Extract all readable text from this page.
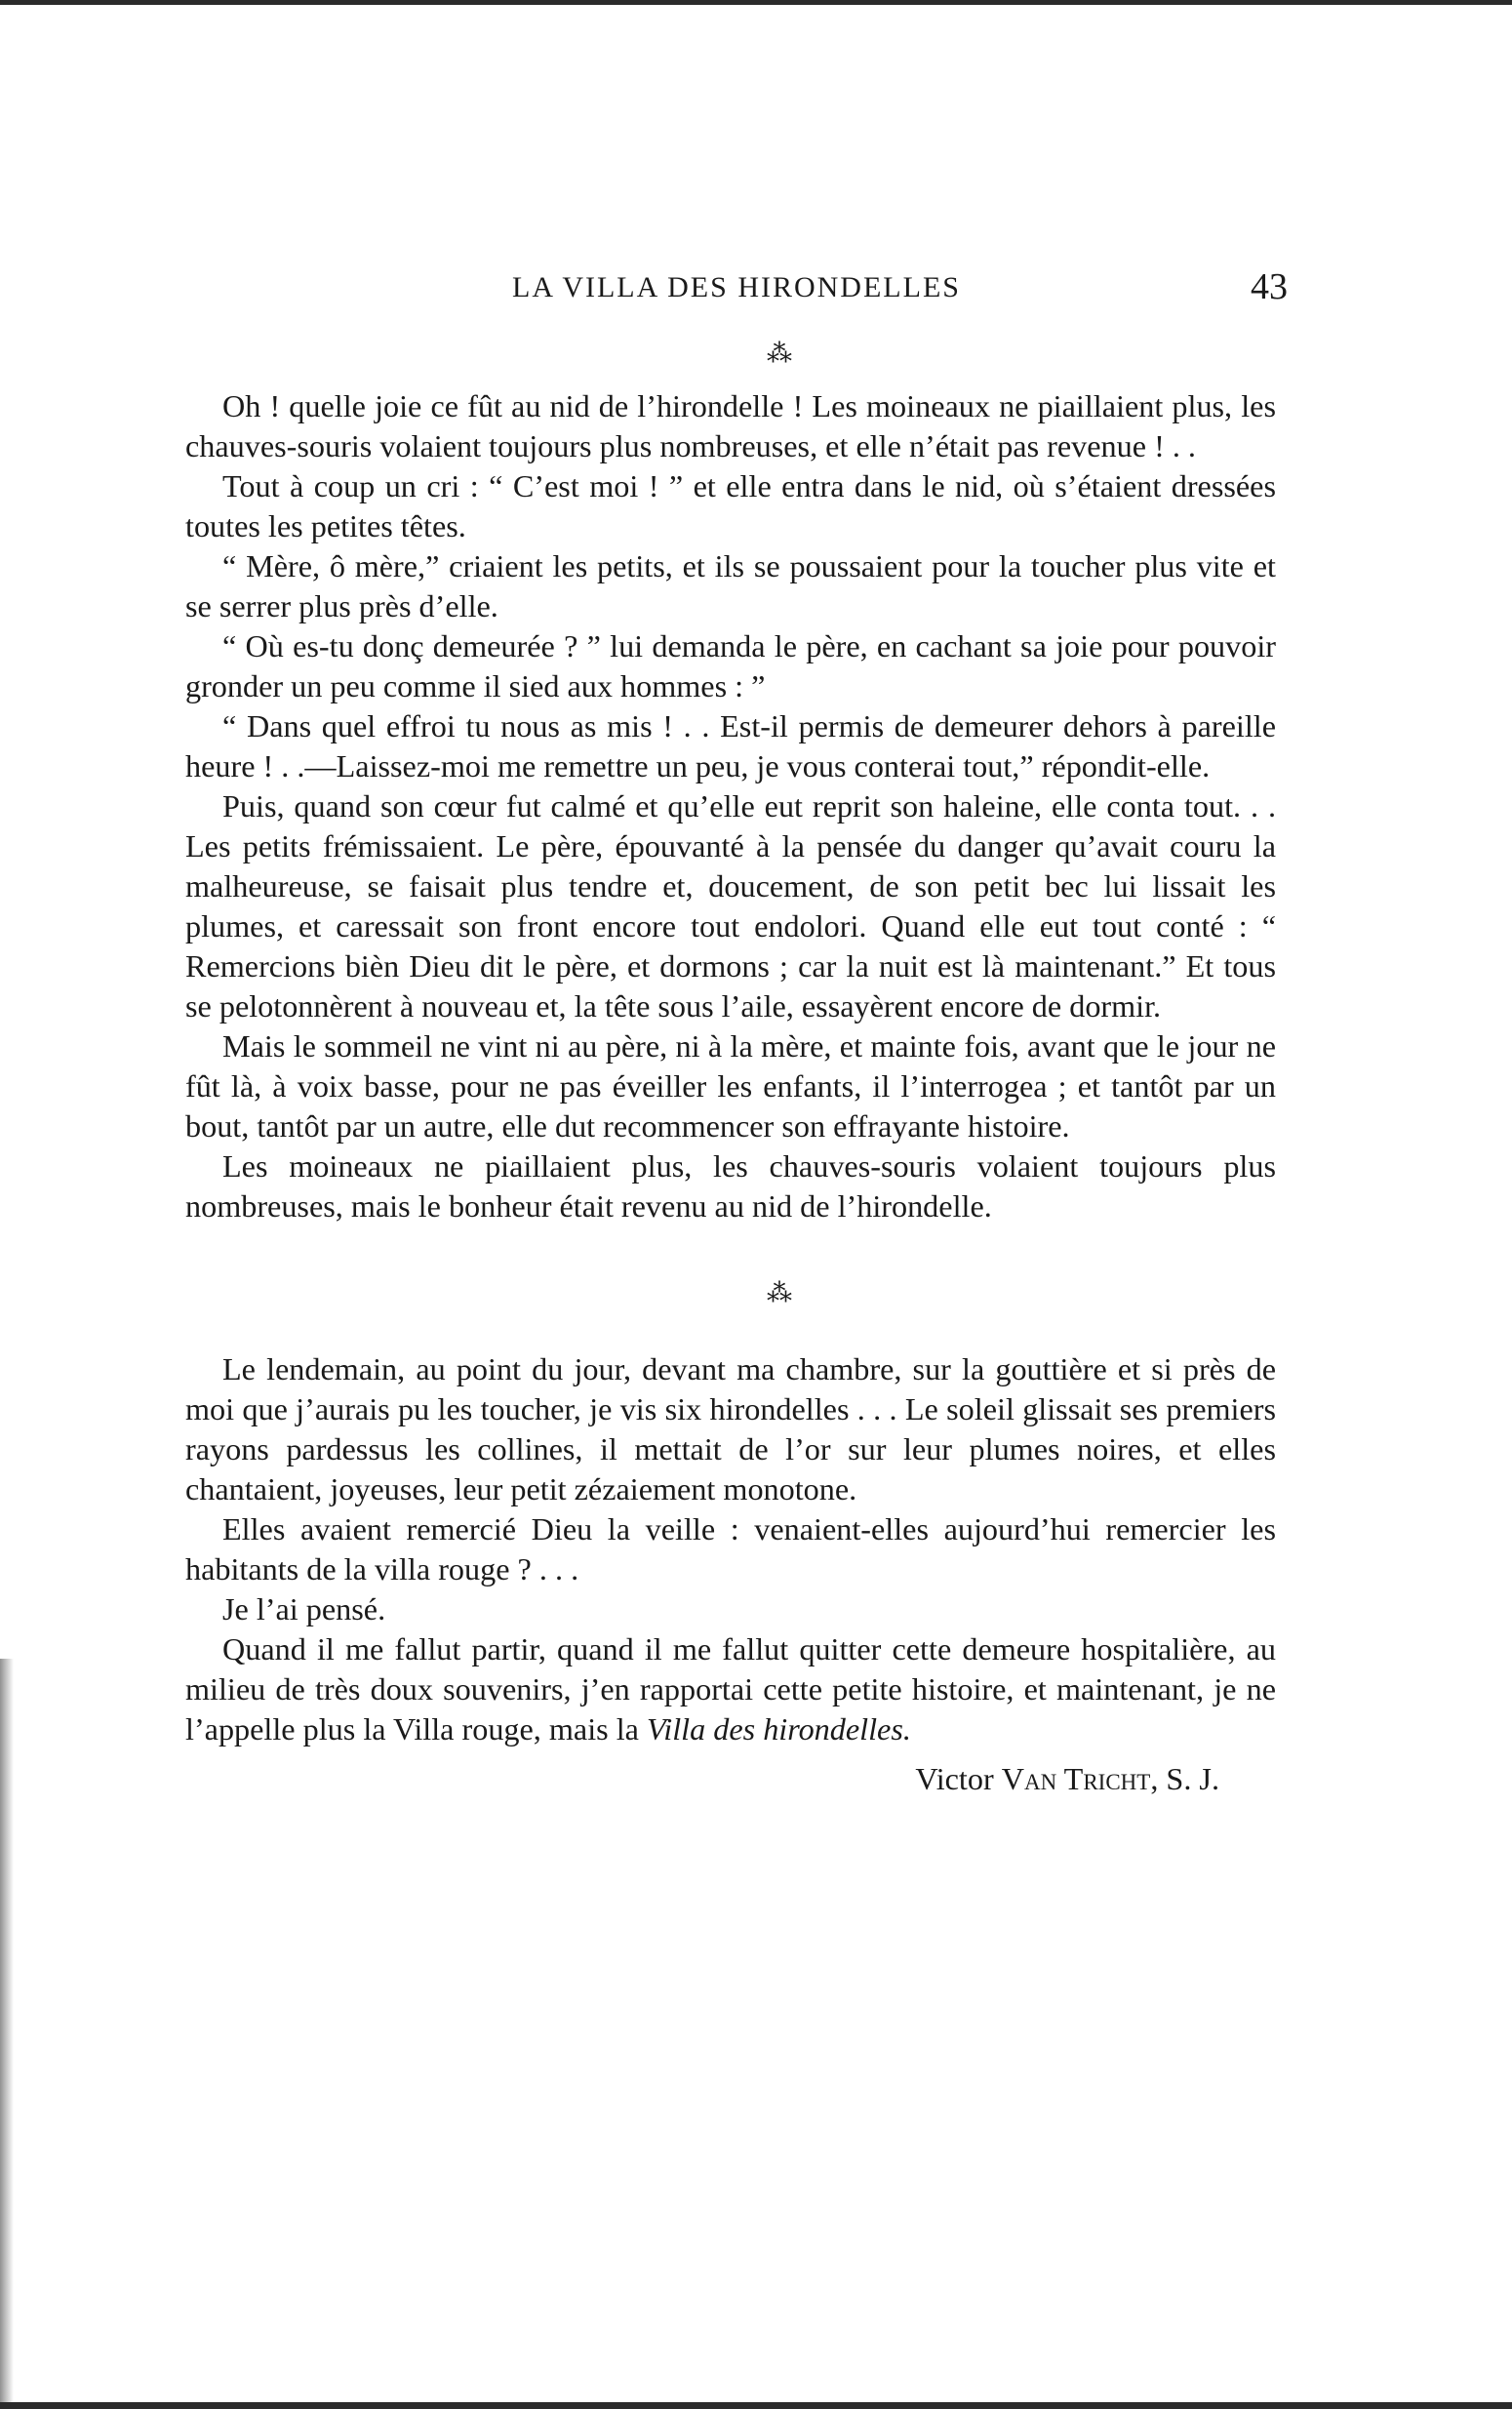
LA VILLA DES HIRONDELLES	43
⁂

Oh ! quelle joie ce fût au nid de l’hirondelle ! Les moineaux ne piaillaient plus, les chauves-souris volaient toujours plus nombreuses, et elle n’était pas revenue ! . .

Tout à coup un cri : “ C’est moi ! ” et elle entra dans le nid, où s’étaient dressées toutes les petites têtes.

“ Mère, ô mère,” criaient les petits, et ils se poussaient pour la toucher plus vite et se serrer plus près d’elle.

“ Où es-tu donç demeurée ? ” lui demanda le père, en cachant sa joie pour pouvoir gronder un peu comme il sied aux hommes : ”

“ Dans quel effroi tu nous as mis ! . . Est-il permis de demeurer dehors à pareille heure ! . .—Laissez-moi me remettre un peu, je vous conterai tout,” répondit-elle.

Puis, quand son cœur fut calmé et qu’elle eut reprit son haleine, elle conta tout. . . Les petits frémissaient. Le père, épouvanté à la pensée du danger qu’avait couru la malheureuse, se faisait plus tendre et, doucement, de son petit bec lui lissait les plumes, et caressait son front encore tout endolori. Quand elle eut tout conté : “ Remercions bièn Dieu dit le père, et dormons ; car la nuit est là maintenant.” Et tous se pelotonnèrent à nouveau et, la tête sous l’aile, essayèrent encore de dormir.

Mais le sommeil ne vint ni au père, ni à la mère, et mainte fois, avant que le jour ne fût là, à voix basse, pour ne pas éveiller les enfants, il l’interrogea ; et tantôt par un bout, tantôt par un autre, elle dut recommencer son effrayante histoire.

Les moineaux ne piaillaient plus, les chauves-souris volaient toujours plus nombreuses, mais le bonheur était revenu au nid de l’hirondelle.

⁂

Le lendemain, au point du jour, devant ma chambre, sur la gouttière et si près de moi que j’aurais pu les toucher, je vis six hirondelles . . . Le soleil glissait ses premiers rayons pardessus les collines, il mettait de l’or sur leur plumes noires, et elles chantaient, joyeuses, leur petit zézaiement monotone.

Elles avaient remercié Dieu la veille : venaient-elles aujourd’hui remercier les habitants de la villa rouge ? . . .

Je l’ai pensé.

Quand il me fallut partir, quand il me fallut quitter cette demeure hospitalière, au milieu de très doux souvenirs, j’en rapportai cette petite histoire, et maintenant, je ne l’appelle plus la Villa rouge, mais la Villa des hirondelles.

Victor Van Tricht, S. J.
